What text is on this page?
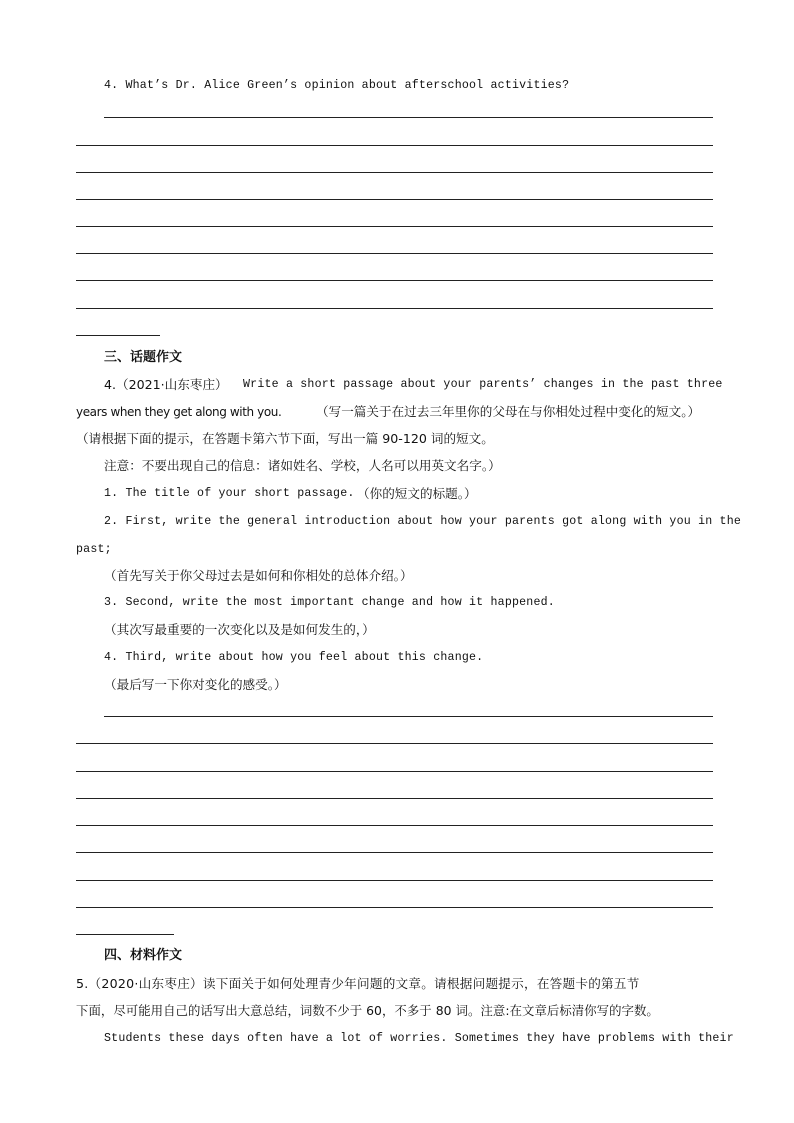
4. What’s Dr. Alice Green’s opinion about afterschool activities?
三、话题作文
4.（2021·山东枣庄） Write a short passage about your parents’ changes in the past three
years when they get along with you.	（写一篇关于在过去三年里你的父母在与你相处过程中变化的短文。）
（请根据下面的提示，在答题卡第六节下面，写出一篇 90-120 词的短文。
注意：不要出现自己的信息：诸如姓名、学校，人名可以用英文名字。）
1. The title of your short passage. （你的短文的标题。）
2. First, write the general introduction about how your parents got along with you in the
past;
（首先写关于你父母过去是如何和你相处的总体介绍。）
3. Second, write the most important change and how it happened.
（其次写最重要的一次变化以及是如何发生的，）
4. Third, write about how you feel about this change.
（最后写一下你对变化的感受。）
四、材料作文
5.（2020·山东枣庄）读下面关于如何处理青少年问题的文章。请根据问题提示，在答题卡的第五节
下面，尽可能用自己的话写出大意总结，词数不少于 60，不多于 80 词。注意:在文章后标清你写的字数。
Students these days often have a lot of worries. Sometimes they have problems with their
